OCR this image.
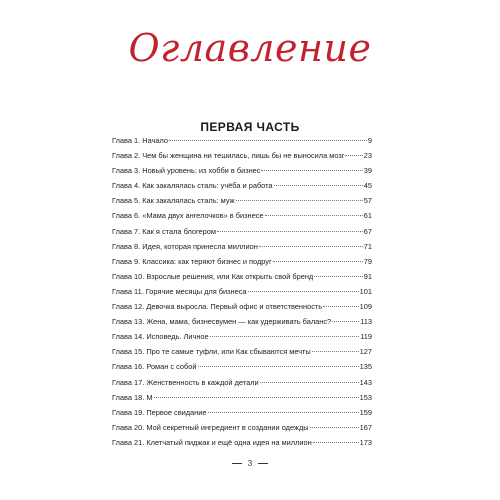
Оглавление
ПЕРВАЯ ЧАСТЬ
Глава 1. Начало	9
Глава 2. Чем бы женщина ни тешилась, лишь бы не выносила мозг	23
Глава 3. Новый уровень: из хобби в бизнес	39
Глава 4. Как закалялась сталь: учёба и работа	45
Глава 5. Как закалялась сталь: муж	57
Глава 6. «Мама двух ангелочков» в бизнесе	61
Глава 7. Как я стала блогером	67
Глава 8. Идея, которая принесла миллион	71
Глава 9. Классика: как теряют бизнес и подруг	79
Глава 10. Взрослые решения, или Как открыть свой бренд	91
Глава 11. Горячие месяцы для бизнеса	101
Глава 12. Девочка выросла. Первый офис и ответственность	109
Глава 13. Жена, мама, бизнесвумен — как удерживать баланс?	113
Глава 14. Исповедь. Личное	119
Глава 15. Про те самые туфли, или Как сбываются мечты	127
Глава 16. Роман с собой	135
Глава 17. Женственность в каждой детали	143
Глава 18. М	153
Глава 19. Первое свидание	159
Глава 20. Мой секретный ингредиент в создании одежды	167
Глава 21. Клетчатый пиджак и ещё одна идея на миллион	173
3
